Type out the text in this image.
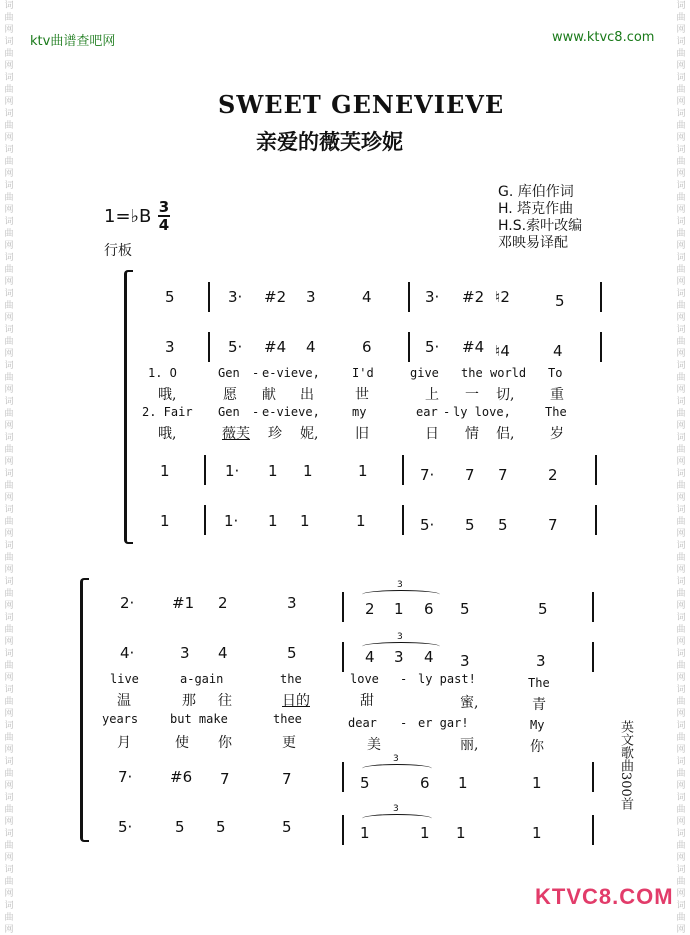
词
曲
网
词
曲
网
词
曲
网
词
曲
网
词
曲
网
词
曲
网
词
曲
网
词
曲
网
词
曲
网
词
曲
网
词
曲
网
词
曲
网
词
曲
网
词
曲
网
词
曲
网
词
曲
网
词
曲
网
词
曲
网
词
曲
网
词
曲
网
词
曲
网
词
曲
网
词
曲
网
词
曲
网
词
曲
网
词
曲
网
词
曲
网
词
曲
网
词
曲
网
词
曲
网
词
曲
网
词
曲
网
词
曲
网
词
曲
网
词
曲
网
词
曲
网
词
曲
网
词
曲
网
词
曲
网
词
曲
网
词
曲
网
词
曲
网
词
曲
网
词
曲
网
词
曲
网
词
曲
网
词
曲
网
词
曲
网
词
曲
网
词
曲
网
词
曲
网
词
曲
网
ktv曲谱查吧网	www.ktvc8.com
SWEET GENEVIEVE
亲爱的薇芙珍妮
G. 库伯作词
H. 塔克作曲
H.S.索叶改编
邓映易译配
1=♭B 3
4
行板
5	3· #2 3	4	3· #2 ♮2	5
3	5· #4 4	6	5· #4 ♮4	4
1. O	Gen - e-vieve,	I'd	give the world To
哦,	愿 献 出	世	上 一 切,	重
2. Fair Gen - e-vieve,	my	ear - ly love,	The
哦,	薇芙 珍 妮,	旧	日 情 侣,	岁
1	1· 1 1	1	7· 7 7	2
1	1· 1 1	1	5· 5 5	7
3
3
3
3
2·	#1 2	3	2 1 6 5	5
4·	3 4	5	4 3 4 3	3
live	a-gain	the	love - ly past!	The
温	那 往	日的	甜	蜜,	青
years	but make	thee	dear - er gar!	My
月	使 你	更	美	丽,	你
7·	#6 7	7	5	6 1	1
5·	5 5	5	1	1 1	1
英文歌曲300首
KTVC8.COM
